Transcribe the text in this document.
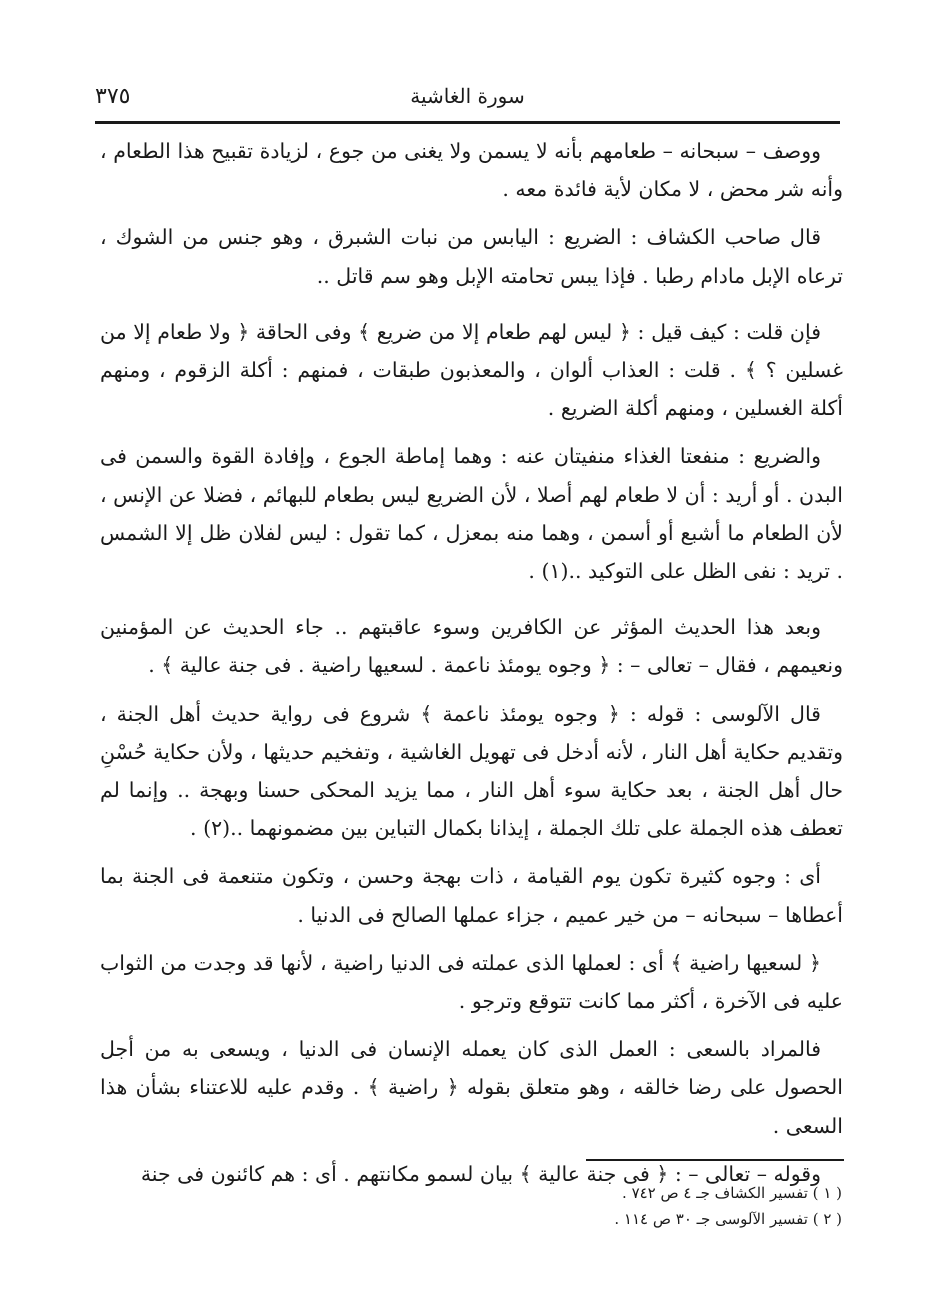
٣٧٥	سورة الغاشية

ووصف – سبحانه – طعامهم بأنه لا يسمن ولا يغنى من جوع ، لزيادة تقبيح هذا الطعام ، وأنه شر محض ، لا مكان لأية فائدة معه .

قال صاحب الكشاف : الضريع : اليابس من نبات الشبرق ، وهو جنس من الشوك ، ترعاه الإبل مادام رطبا . فإذا يبس تحامته الإبل وهو سم قاتل ..

فإن قلت : كيف قيل : ﴿ ليس لهم طعام إلا من ضريع ﴾ وفى الحاقة ﴿ ولا طعام إلا من غسلين ؟ ﴾ . قلت : العذاب ألوان ، والمعذبون طبقات ، فمنهم : أكلة الزقوم ، ومنهم أكلة الغسلين ، ومنهم أكلة الضريع .

والضريع : منفعتا الغذاء منفيتان عنه : وهما إماطة الجوع ، وإفادة القوة والسمن فى البدن . أو أريد : أن لا طعام لهم أصلا ، لأن الضريع ليس بطعام للبهائم ، فضلا عن الإنس ، لأن الطعام ما أشبع أو أسمن ، وهما منه بمعزل ، كما تقول : ليس لفلان ظل إلا الشمس . تريد : نفى الظل على التوكيد ..(١) .

وبعد هذا الحديث المؤثر عن الكافرين وسوء عاقبتهم .. جاء الحديث عن المؤمنين ونعيمهم ، فقال – تعالى – : ﴿ وجوه يومئذ ناعمة . لسعيها راضية . فى جنة عالية ﴾ .

قال الآلوسى : قوله : ﴿ وجوه يومئذ ناعمة ﴾ شروع فى رواية حديث أهل الجنة ، وتقديم حكاية أهل النار ، لأنه أدخل فى تهويل الغاشية ، وتفخيم حديثها ، ولأن حكاية حُسْنِ حال أهل الجنة ، بعد حكاية سوء أهل النار ، مما يزيد المحكى حسنا وبهجة .. وإنما لم تعطف هذه الجملة على تلك الجملة ، إيذانا بكمال التباين بين مضمونهما ..(٢) .

أى : وجوه كثيرة تكون يوم القيامة ، ذات بهجة وحسن ، وتكون متنعمة فى الجنة بما أعطاها – سبحانه – من خير عميم ، جزاء عملها الصالح فى الدنيا .

﴿ لسعيها راضية ﴾ أى : لعملها الذى عملته فى الدنيا راضية ، لأنها قد وجدت من الثواب عليه فى الآخرة ، أكثر مما كانت تتوقع وترجو .

فالمراد بالسعى : العمل الذى كان يعمله الإنسان فى الدنيا ، ويسعى به من أجل الحصول على رضا خالقه ، وهو متعلق بقوله ﴿ راضية ﴾ . وقدم عليه للاعتناء بشأن هذا السعى .

وقوله – تعالى – : ﴿ فى جنة عالية ﴾ بيان لسمو مكانتهم . أى : هم كائنون فى جنة

( ١ ) تفسير الكشاف جـ ٤ ص ٧٤٢ .

( ٢ ) تفسير الآلوسى جـ ٣٠ ص ١١٤ .
